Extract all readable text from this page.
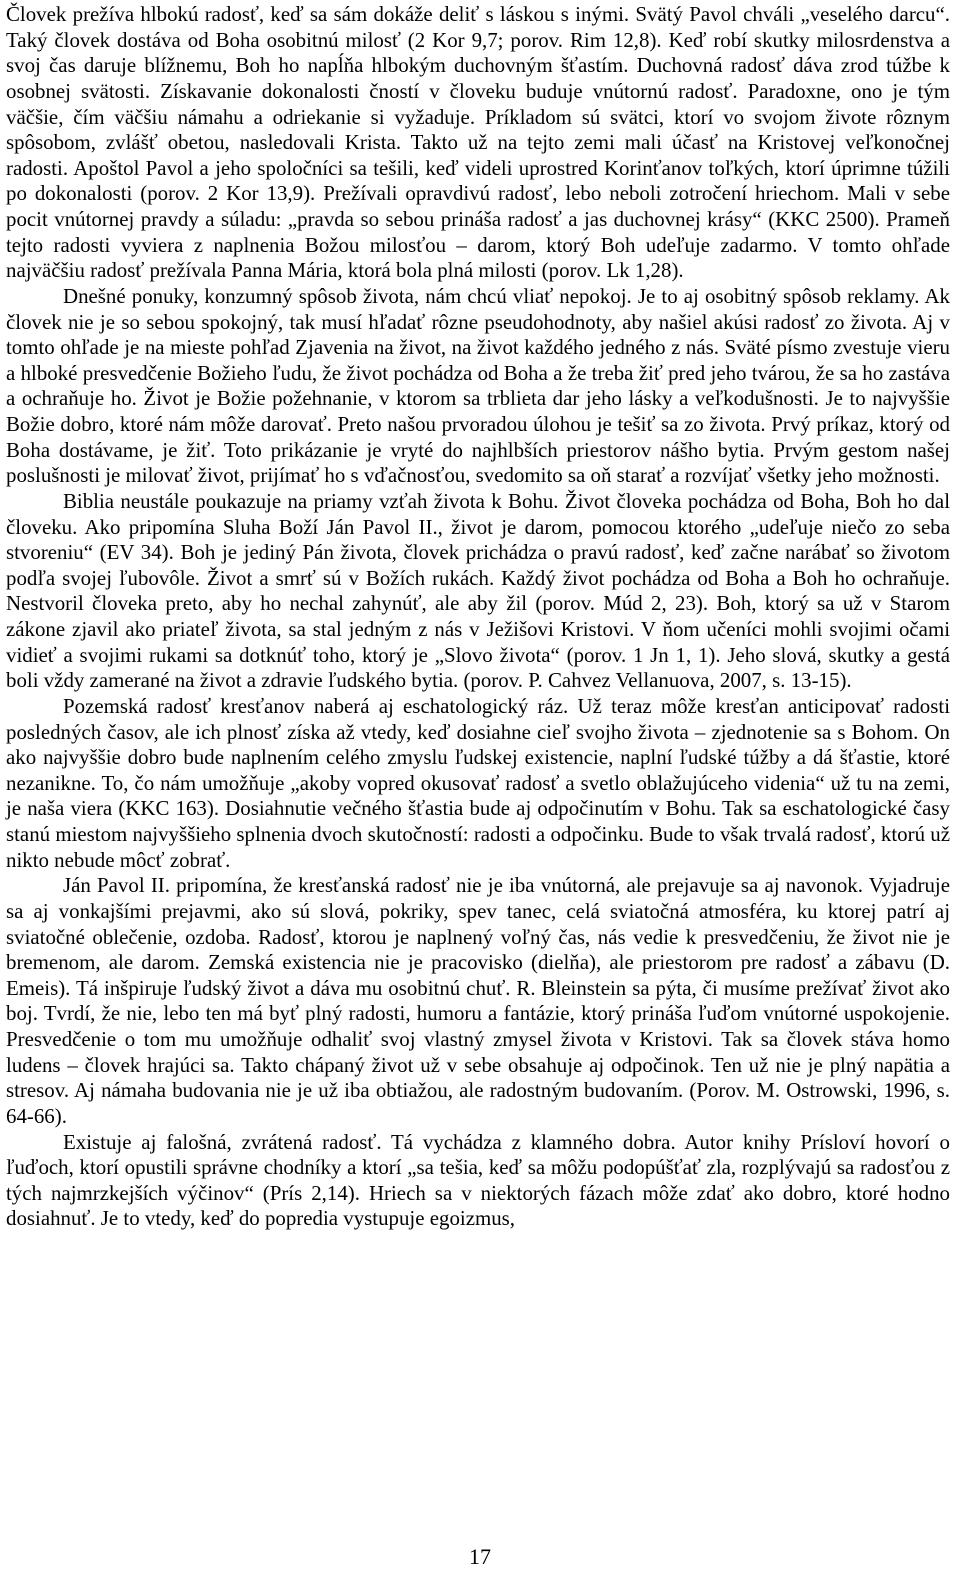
Človek prežíva hlbokú radosť, keď sa sám dokáže deliť s láskou s inými. Svätý Pavol chváli „veselého darcu“. Taký človek dostáva od Boha osobitnú milosť (2 Kor 9,7; porov. Rim 12,8). Keď robí skutky milosrdenstva a svoj čas daruje blížnemu, Boh ho napĺňa hlbokým duchovným šťastím. Duchovná radosť dáva zrod túžbe k osobnej svätosti. Získavanie dokonalosti čností v človeku buduje vnútornú radosť. Paradoxne, ono je tým väčšie, čím väčšiu námahu a odriekanie si vyžaduje. Príkladom sú svätci, ktorí vo svojom živote rôznym spôsobom, zvlášť obetou, nasledovali Krista. Takto už na tejto zemi mali účasť na Kristovej veľkonočnej radosti. Apoštol Pavol a jeho spoločníci sa tešili, keď videli uprostred Korinťanov toľkých, ktorí úprimne túžili po dokonalosti (porov. 2 Kor 13,9). Prežívali opravdivú radosť, lebo neboli zotročení hriechom. Mali v sebe pocit vnútornej pravdy a súladu: „pravda so sebou prináša radosť a jas duchovnej krásy“ (KKC 2500). Prameň tejto radosti vyviera z naplnenia Božou milosťou – darom, ktorý Boh udeľuje zadarmo. V tomto ohľade najväčšiu radosť prežívala Panna Mária, ktorá bola plná milosti (porov. Lk 1,28).

Dnešné ponuky, konzumný spôsob života, nám chcú vliať nepokoj. Je to aj osobitný spôsob reklamy. Ak človek nie je so sebou spokojný, tak musí hľadať rôzne pseudohodnoty, aby našiel akúsi radosť zo života. Aj v tomto ohľade je na mieste pohľad Zjavenia na život, na život každého jedného z nás. Sväté písmo zvestuje vieru a hlboké presvedčenie Božieho ľudu, že život pochádza od Boha a že treba žiť pred jeho tvárou, že sa ho zastáva a ochraňuje ho. Život je Božie požehnanie, v ktorom sa trblieta dar jeho lásky a veľkodušnosti. Je to najvyššie Božie dobro, ktoré nám môže darovať. Preto našou prvoradou úlohou je tešiť sa zo života. Prvý príkaz, ktorý od Boha dostávame, je žiť. Toto prikázanie je vryté do najhlbších priestorov nášho bytia. Prvým gestom našej poslušnosti je milovať život, prijímať ho s vďačnosťou, svedomito sa oň starať a rozvíjať všetky jeho možnosti.

Biblia neustále poukazuje na priamy vzťah života k Bohu. Život človeka pochádza od Boha, Boh ho dal človeku. Ako pripomína Sluha Boží Ján Pavol II., život je darom, pomocou ktorého „udeľuje niečo zo seba stvoreniu“ (EV 34). Boh je jediný Pán života, človek prichádza o pravú radosť, keď začne narábať so životom podľa svojej ľubovôle. Život a smrť sú v Božích rukách. Každý život pochádza od Boha a Boh ho ochraňuje. Nestvoril človeka preto, aby ho nechal zahynúť, ale aby žil (porov. Múd 2, 23). Boh, ktorý sa už v Starom zákone zjavil ako priateľ života, sa stal jedným z nás v Ježišovi Kristovi. V ňom učeníci mohli svojimi očami vidieť a svojimi rukami sa dotknúť toho, ktorý je „Slovo života“ (porov. 1 Jn 1, 1). Jeho slová, skutky a gestá boli vždy zamerané na život a zdravie ľudského bytia. (porov. P. Cahvez Vellanuova, 2007, s. 13-15).

Pozemská radosť kresťanov naberá aj eschatologický ráz. Už teraz môže kresťan anticipovať radosti posledných časov, ale ich plnosť získa až vtedy, keď dosiahne cieľ svojho života – zjednotenie sa s Bohom. On ako najvyššie dobro bude naplnením celého zmyslu ľudskej existencie, naplní ľudské túžby a dá šťastie, ktoré nezanikne. To, čo nám umožňuje „akoby vopred okusovať radosť a svetlo oblažujúceho videnia“ už tu na zemi, je naša viera (KKC 163). Dosiahnutie večného šťastia bude aj odpočinutím v Bohu. Tak sa eschatologické časy stanú miestom najvyššieho splnenia dvoch skutočností: radosti a odpočinku. Bude to však trvalá radosť, ktorú už nikto nebude môcť zobrať.

Ján Pavol II. pripomína, že kresťanská radosť nie je iba vnútorná, ale prejavuje sa aj navonok. Vyjadruje sa aj vonkajšími prejavmi, ako sú slová, pokriky, spev tanec, celá sviatočná atmosféra, ku ktorej patrí aj sviatočné oblečenie, ozdoba. Radosť, ktorou je naplnený voľný čas, nás vedie k presvedčeniu, že život nie je bremenom, ale darom. Zemská existencia nie je pracovisko (dielňa), ale priestorom pre radosť a zábavu (D. Emeis). Tá inšpiruje ľudský život a dáva mu osobitnú chuť. R. Bleinstein sa pýta, či musíme prežívať život ako boj. Tvrdí, že nie, lebo ten má byť plný radosti, humoru a fantázie, ktorý prináša ľuďom vnútorné uspokojenie. Presvedčenie o tom mu umožňuje odhaliť svoj vlastný zmysel života v Kristovi. Tak sa človek stáva homo ludens – človek hrajúci sa. Takto chápaný život už v sebe obsahuje aj odpočinok. Ten už nie je plný napätia a stresov. Aj námaha budovania nie je už iba obtiažou, ale radostným budovaním. (Porov. M. Ostrowski, 1996, s. 64-66).

Existuje aj falošná, zvrátená radosť. Tá vychádza z klamného dobra. Autor knihy Prísloví hovorí o ľuďoch, ktorí opustili správne chodníky a ktorí „sa tešia, keď sa môžu podopúšťať zla, rozplývajú sa radosťou z tých najmrzkejších výčinov“ (Prís 2,14). Hriech sa v niektorých fázach môže zdať ako dobro, ktoré hodno dosiahnuť. Je to vtedy, keď do popredia vystupuje egoizmus,

17
